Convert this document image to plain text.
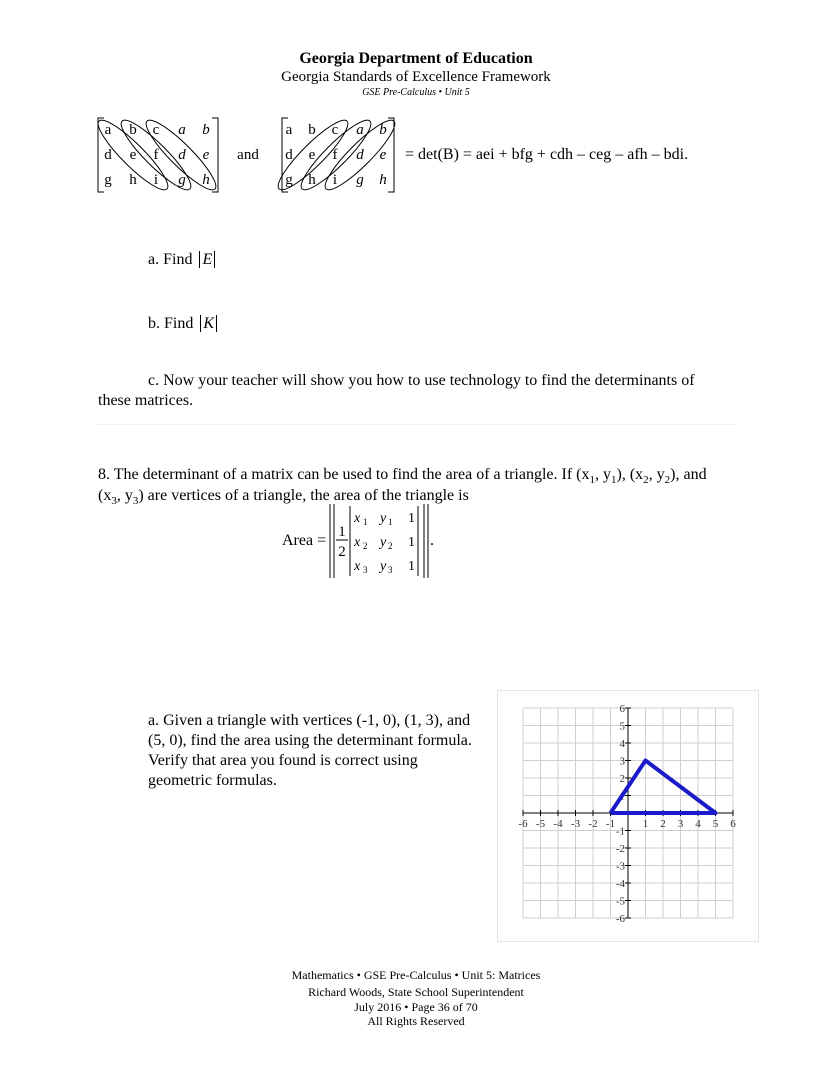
Georgia Department of Education
Georgia Standards of Excellence Framework
GSE Pre-Calculus • Unit 5
a b c a b
d e f d e
g h i g h
a b c a b
d e f d e
g h i g h
and	= det(B) = aei + bfg + cdh – ceg – afh – bdi.
a. Find E
b. Find K
c. Now your teacher will show you how to use technology to find the determinants of
these matrices.
8. The determinant of a matrix can be used to find the area of a triangle. If ($x_1$, $y_1$), ($x_2$, $y_2$), and
($x_3$, $y_3$) are vertices of a triangle, the area of the triangle is
Area = 1
2
x 1 y 1 1
x 2 y 2 1
x 3 y 3 1
.
a. Given a triangle with vertices (-1, 0), (1, 3), and
(5, 0), find the area using the determinant formula.
Verify that area you found is correct using
geometric formulas.
-6 -5 -4 -3 -2 -1	1 2 3 4 5 6
6
5
4
3
2
1
-1
-2
-3
-4
-5
-6
Mathematics • GSE Pre-Calculus • Unit 5: Matrices
Richard Woods, State School Superintendent
July 2016 • Page 36 of 70
All Rights Reserved
